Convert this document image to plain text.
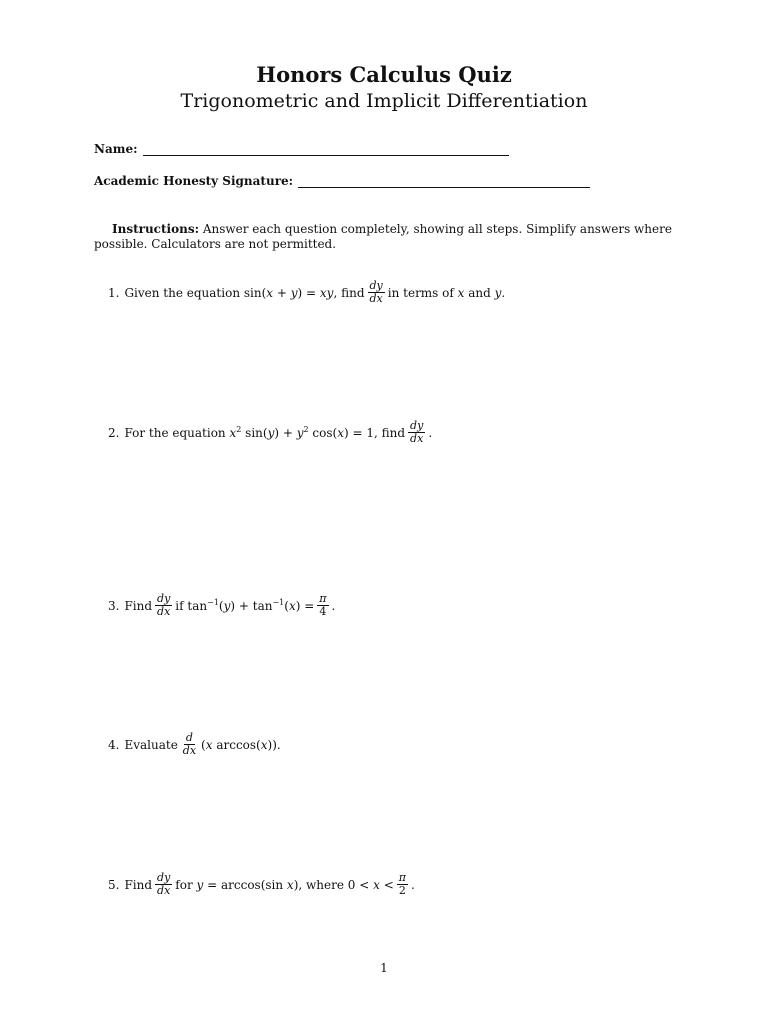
Honors Calculus Quiz
Trigonometric and Implicit Differentiation
Name:
Academic Honesty Signature:
Instructions: Answer each question completely, showing all steps. Simplify answers where possible. Calculators are not permitted.
1. Given the equation sin(x + y) = xy, find $\frac{dy}{dx}$ in terms of x and y.
2. For the equation $x^2$ $\sin(y) + y^2$ cos(x) = 1, find $\frac{dy}{dx}$ .
3. Find $\frac{dy}{dx}$ if $\tan^{-1}(y) + \tan^{-1}(x) = \frac{\pi}{4}$ .
4. Evaluate $\frac{d}{dx} (x$ arccos(x)).
5. Find $\frac{dy}{dx}$ for y = arccos(sin x), where $0 < x < \frac{\pi}{2}$ .
1
